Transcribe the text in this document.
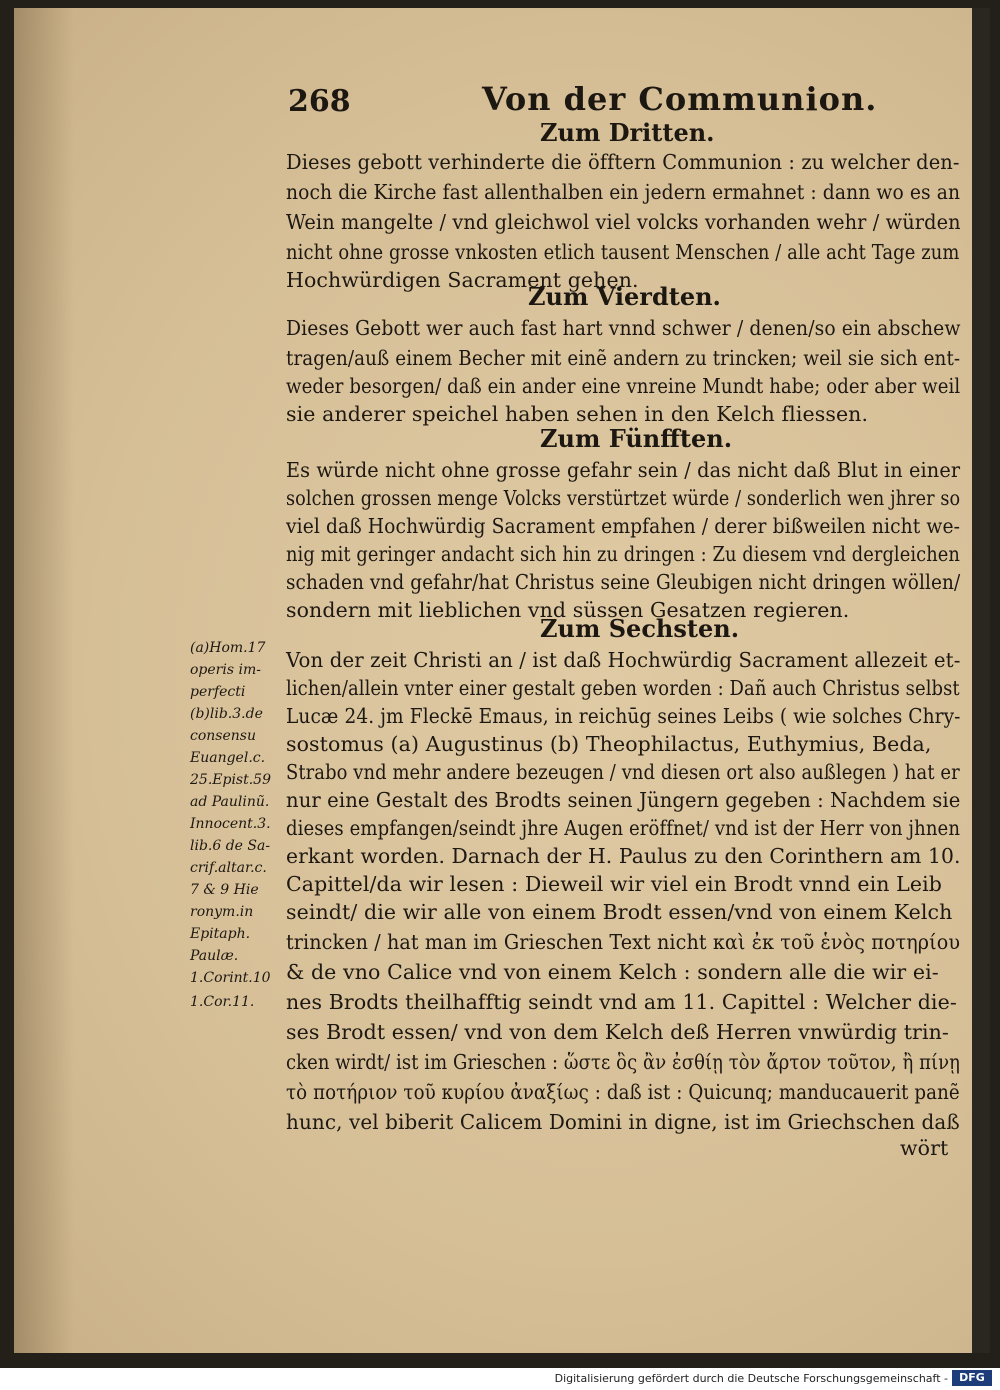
268	Von der Communion.
Zum Dritten.
Dieses gebott verhinderte die öfftern Communion : zu welcher den-
noch die Kirche fast allenthalben ein jedern ermahnet : dann wo es an
Wein mangelte / vnd gleichwol viel volcks vorhanden wehr / würden
nicht ohne grosse vnkosten etlich tausent Menschen / alle acht Tage zum
Hochwürdigen Sacrament gehen.
Zum Vierdten.
Dieses Gebott wer auch fast hart vnnd schwer / denen/so ein abschew
tragen/auß einem Becher mit einẽ andern zu trincken; weil sie sich ent-
weder besorgen/ daß ein ander eine vnreine Mundt habe; oder aber weil
sie anderer speichel haben sehen in den Kelch fliessen.
Zum Fünfften.
Es würde nicht ohne grosse gefahr sein / das nicht daß Blut in einer
solchen grossen menge Volcks verstürtzet würde / sonderlich wen jhrer so
viel daß Hochwürdig Sacrament empfahen / derer bißweilen nicht we-
nig mit geringer andacht sich hin zu dringen : Zu diesem vnd dergleichen
schaden vnd gefahr/hat Christus seine Gleubigen nicht dringen wöllen/
sondern mit lieblichen vnd süssen Gesatzen regieren.
Zum Sechsten.
Von der zeit Christi an / ist daß Hochwürdig Sacrament allezeit et-
lichen/allein vnter einer gestalt geben worden : Dañ auch Christus selbst
Lucæ 24. jm Fleckē Emaus, in reichūg seines Leibs ( wie solches Chry-
sostomus (a) Augustinus (b) Theophilactus, Euthymius, Beda,
Strabo vnd mehr andere bezeugen / vnd diesen ort also außlegen ) hat er
nur eine Gestalt des Brodts seinen Jüngern gegeben : Nachdem sie
dieses empfangen/seindt jhre Augen eröffnet/ vnd ist der Herr von jhnen
erkant worden. Darnach der H. Paulus zu den Corinthern am 10.
Capittel/da wir lesen : Dieweil wir viel ein Brodt vnnd ein Leib
seindt/ die wir alle von einem Brodt essen/vnd von einem Kelch
trincken / hat man im Grieschen Text nicht καὶ ἐκ τοῦ ἑνὸς ποτηρίου
& de vno Calice vnd von einem Kelch : sondern alle die wir ei-
nes Brodts theilhafftig seindt vnd am 11. Capittel : Welcher die-
ses Brodt essen/ vnd von dem Kelch deß Herren vnwürdig trin-
cken wirdt/ ist im Grieschen : ὥστε ὃς ἂν ἐσθίῃ τὸν ἄρτον τοῦτον, ἢ πίνῃ
τὸ ποτήριον τοῦ κυρίου ἀναξίως : daß ist : Quicunq; manducauerit panẽ
hunc, vel biberit Calicem Domini in digne, ist im Griechschen daß
wört
(a)Hom.17
operis im-
perfecti
(b)lib.3.de
consensu
Euangel.c.
25.Epist.59
ad Paulinũ.
Innocent.3.
lib.6 de Sa-
crif.altar.c.
7 & 9 Hie
ronym.in
Epitaph.
Paulæ.
1.Corint.10
1.Cor.11.
Digitalisierung gefördert durch die Deutsche Forschungsgemeinschaft -	DFG
